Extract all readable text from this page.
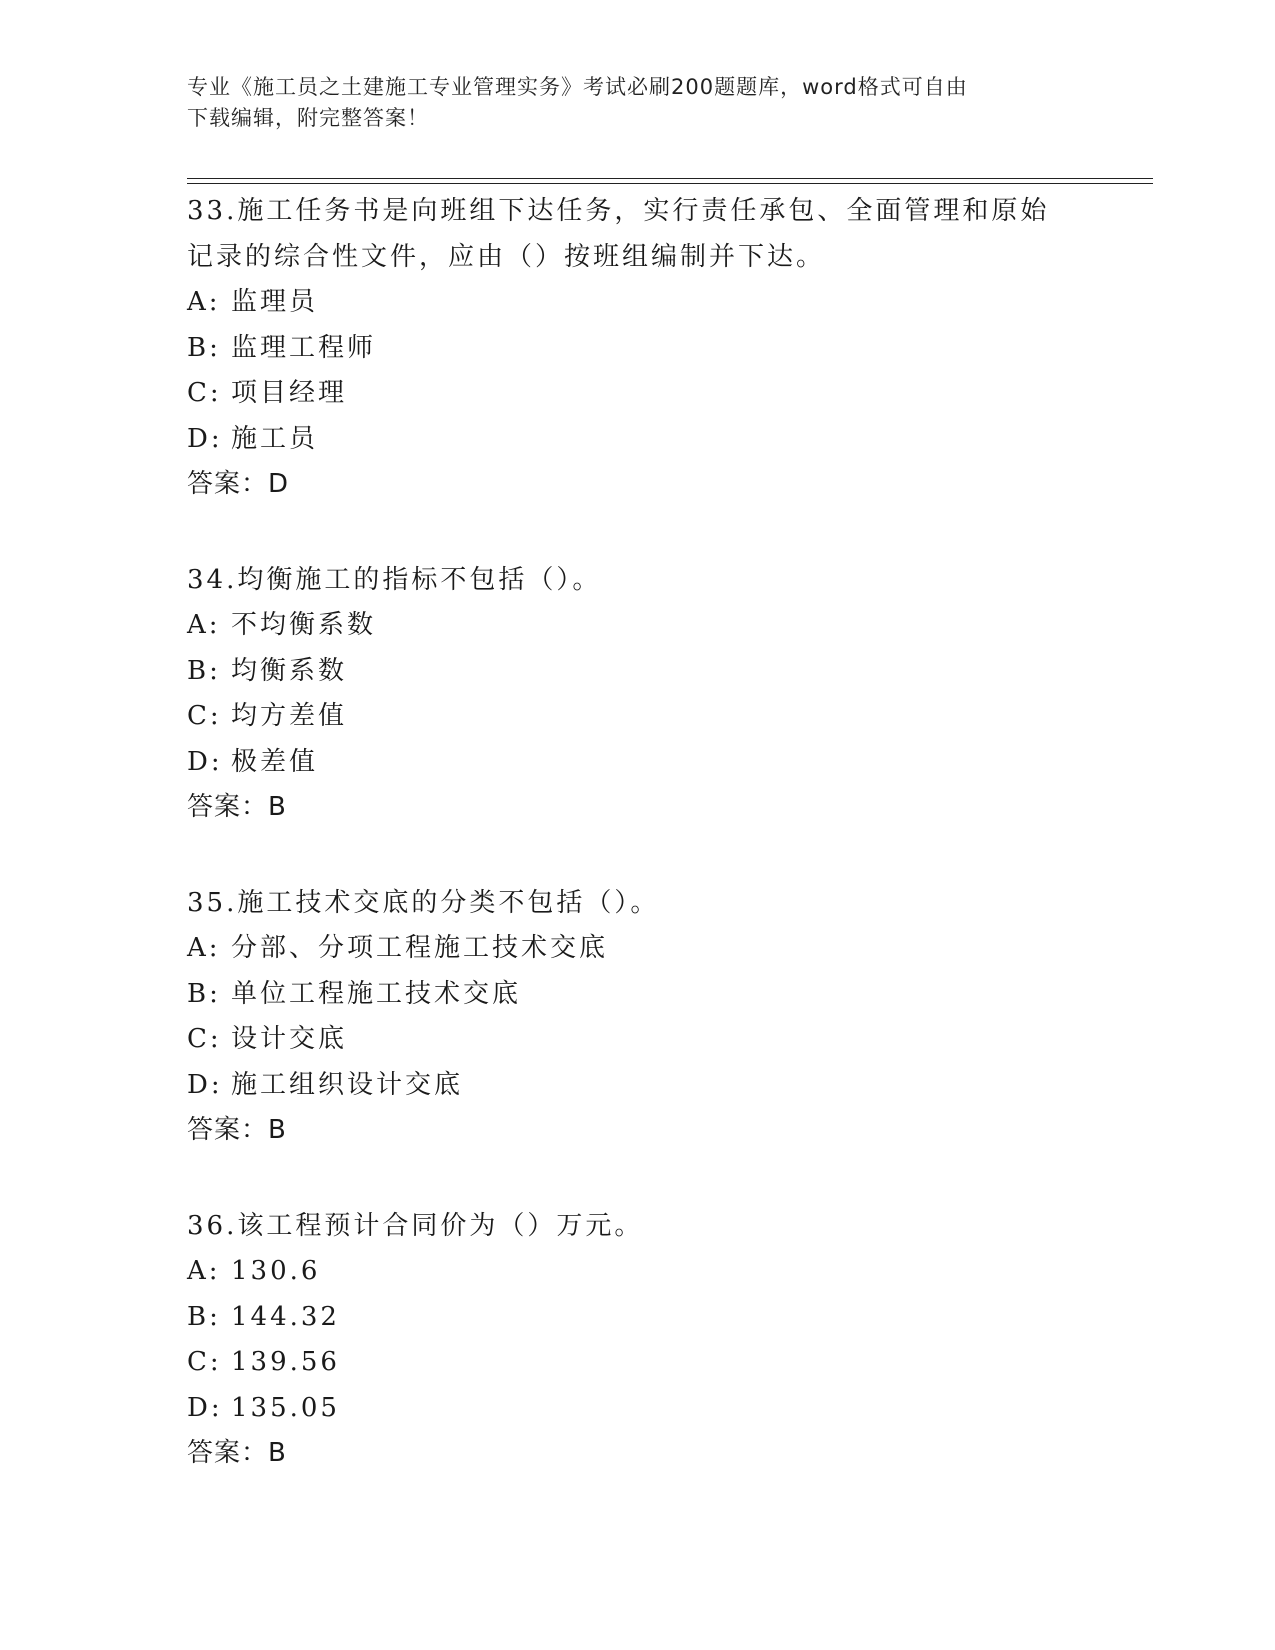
专业《施工员之土建施工专业管理实务》考试必刷200题题库，word格式可自由
下载编辑，附完整答案！
33.施工任务书是向班组下达任务，实行责任承包、全面管理和原始记录的综合性文件，应由（）按班组编制并下达。
A: 监理员
B: 监理工程师
C: 项目经理
D: 施工员
答案：D
34.均衡施工的指标不包括（）。
A: 不均衡系数
B: 均衡系数
C: 均方差值
D: 极差值
答案：B
35.施工技术交底的分类不包括（）。
A: 分部、分项工程施工技术交底
B: 单位工程施工技术交底
C: 设计交底
D: 施工组织设计交底
答案：B
36.该工程预计合同价为（）万元。
A: 130.6
B: 144.32
C: 139.56
D: 135.05
答案：B
